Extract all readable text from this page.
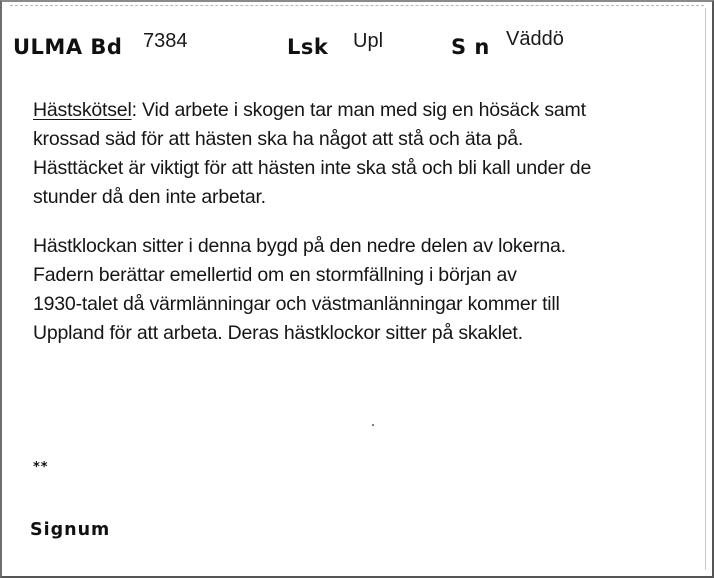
ULMA Bd 7384	Lsk Upl	S n Väddö
Hästskötsel: Vid arbete i skogen tar man med sig en hösäck samt
krossad säd för att hästen ska ha något att stå och äta på.
Hästtäcket är viktigt för att hästen inte ska stå och bli kall under de
stunder då den inte arbetar.
Hästklockan sitter i denna bygd på den nedre delen av lokerna.
Fadern berättar emellertid om en stormfällning i början av
1930-talet då värmlänningar och västmanlänningar kommer till
Uppland för att arbeta. Deras hästklockor sitter på skaklet.
**
Signum
